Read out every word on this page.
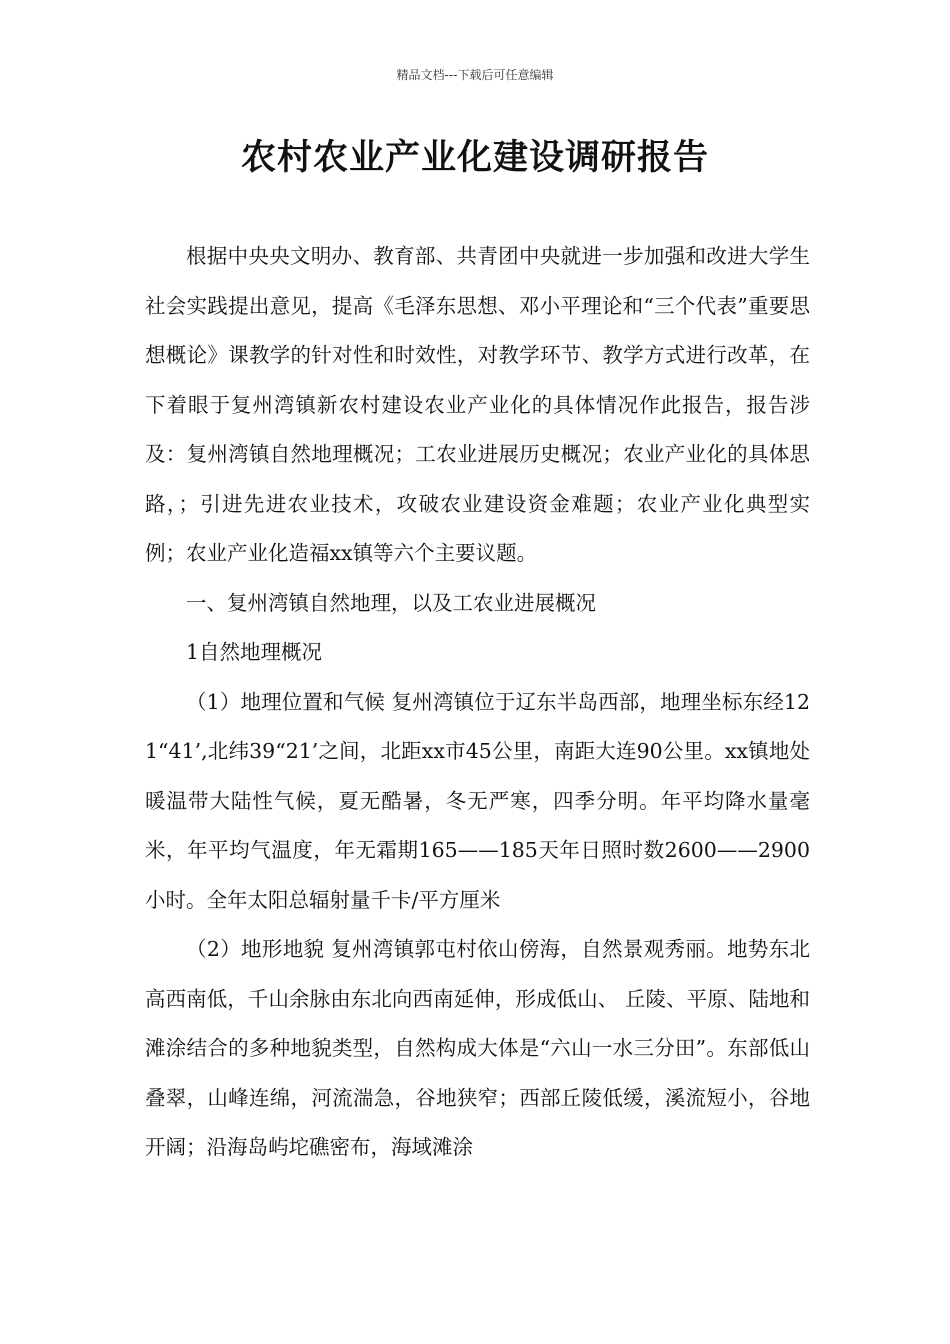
精品文档---下载后可任意编辑
农村农业产业化建设调研报告

根据中央央文明办、教育部、共青团中央就进一步加强和改进大学生社会实践提出意见，提高《毛泽东思想、邓小平理论和“三个代表”重要思想概论》课教学的针对性和时效性，对教学环节、教学方式进行改革，在下着眼于复州湾镇新农村建设农业产业化的具体情况作此报告，报告涉及：复州湾镇自然地理概况；工农业进展历史概况；农业产业化的具体思路，；引进先进农业技术，攻破农业建设资金难题；农业产业化典型实例；农业产业化造福xx镇等六个主要议题。

一、复州湾镇自然地理，以及工农业进展概况

1自然地理概况

（1）地理位置和气候 复州湾镇位于辽东半岛西部，地理坐标东经121“41’,北纬39“21’之间，北距xx市45公里，南距大连90公里。xx镇地处暖温带大陆性气候，夏无酷暑，冬无严寒，四季分明。年平均降水量毫米，年平均气温度，年无霜期165——185天年日照时数2600——2900小时。全年太阳总辐射量千卡/平方厘米

（2）地形地貌 复州湾镇郭屯村依山傍海，自然景观秀丽。地势东北高西南低，千山余脉由东北向西南延伸，形成低山、 丘陵、平原、陆地和滩涂结合的多种地貌类型，自然构成大体是“六山一水三分田”。东部低山叠翠，山峰连绵，河流湍急，谷地狭窄；西部丘陵低缓，溪流短小，谷地开阔；沿海岛屿坨礁密布，海域滩涂
